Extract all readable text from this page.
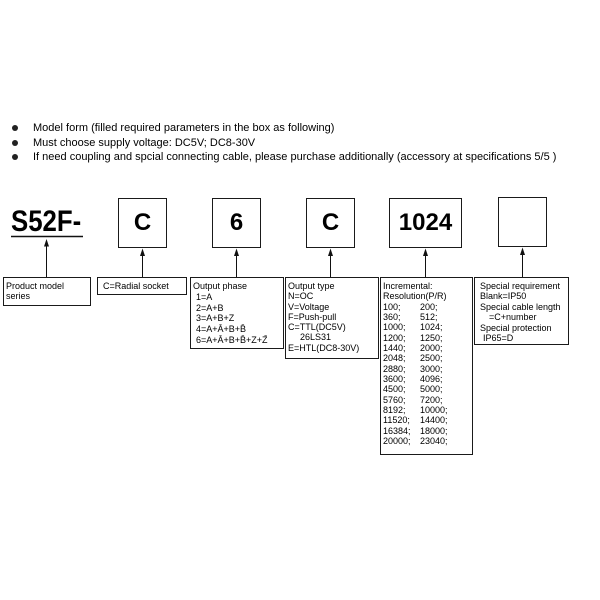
Model form (filled required parameters in the box as following)
Must choose supply voltage: DC5V; DC8-30V
If need coupling and spcial connecting cable, please purchase additionally (accessory at specifications 5/5 )
S52F-	C	6	C	1024
Product model
series
C=Radial socket	Output phase
1=A
2=A+B
3=A+B+Z
4=A+Ā+B+B̄
6=A+Ā+B+B̄+Z+Z̄
Output type
N=OC
V=Voltage
F=Push-pull
C=TTL(DC5V)
26LS31
E=HTL(DC8-30V)
Incremental:
Resolution(P/R)
100; 200;
360; 512;
1000; 1024;
1200; 1250;
1440; 2000;
2048; 2500;
2880; 3000;
3600; 4096;
4500; 5000;
5760; 7200;
8192; 10000;
11520; 14400;
16384; 18000;
20000; 23040;
Special requirement
Blank=IP50
Special cable length
=C+number
Special protection
IP65=D
